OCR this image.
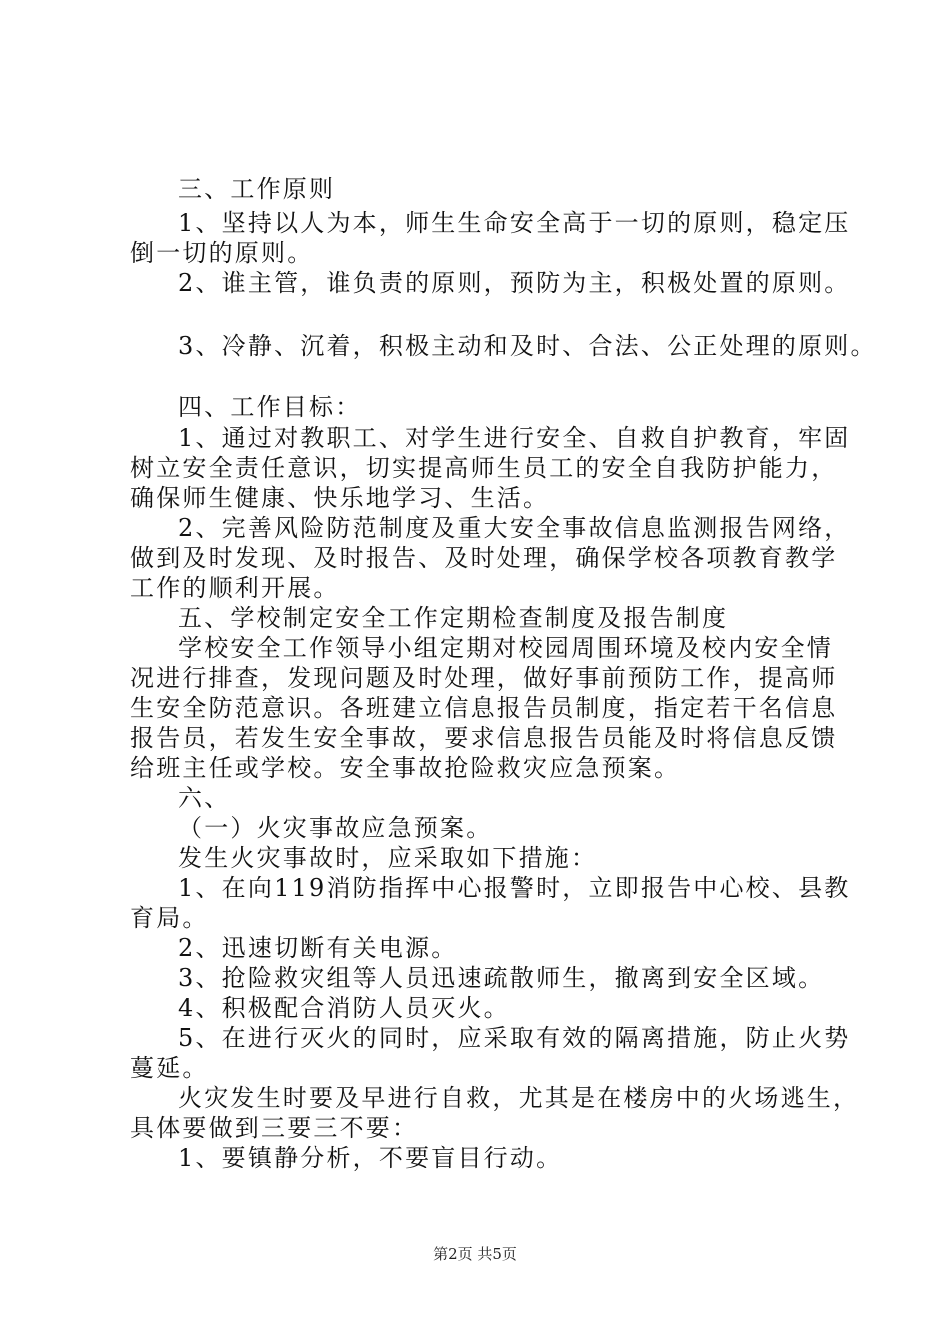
三、工作原则
1、坚持以人为本，师生生命安全高于一切的原则，稳定压
倒一切的原则。
2、谁主管，谁负责的原则，预防为主，积极处置的原则。
3、冷静、沉着，积极主动和及时、合法、公正处理的原则。
四、工作目标：
1、通过对教职工、对学生进行安全、自救自护教育，牢固
树立安全责任意识，切实提高师生员工的安全自我防护能力，
确保师生健康、快乐地学习、生活。
2、完善风险防范制度及重大安全事故信息监测报告网络，
做到及时发现、及时报告、及时处理，确保学校各项教育教学
工作的顺利开展。
五、学校制定安全工作定期检查制度及报告制度
学校安全工作领导小组定期对校园周围环境及校内安全情
况进行排查，发现问题及时处理，做好事前预防工作，提高师
生安全防范意识。各班建立信息报告员制度，指定若干名信息
报告员，若发生安全事故，要求信息报告员能及时将信息反馈
给班主任或学校。安全事故抢险救灾应急预案。
六、
（一）火灾事故应急预案。
发生火灾事故时，应采取如下措施：
1、在向119消防指挥中心报警时，立即报告中心校、县教
育局。
2、迅速切断有关电源。
3、抢险救灾组等人员迅速疏散师生，撤离到安全区域。
4、积极配合消防人员灭火。
5、在进行灭火的同时，应采取有效的隔离措施，防止火势
蔓延。
火灾发生时要及早进行自救，尤其是在楼房中的火场逃生，
具体要做到三要三不要：
1、要镇静分析，不要盲目行动。
第2页 共5页
